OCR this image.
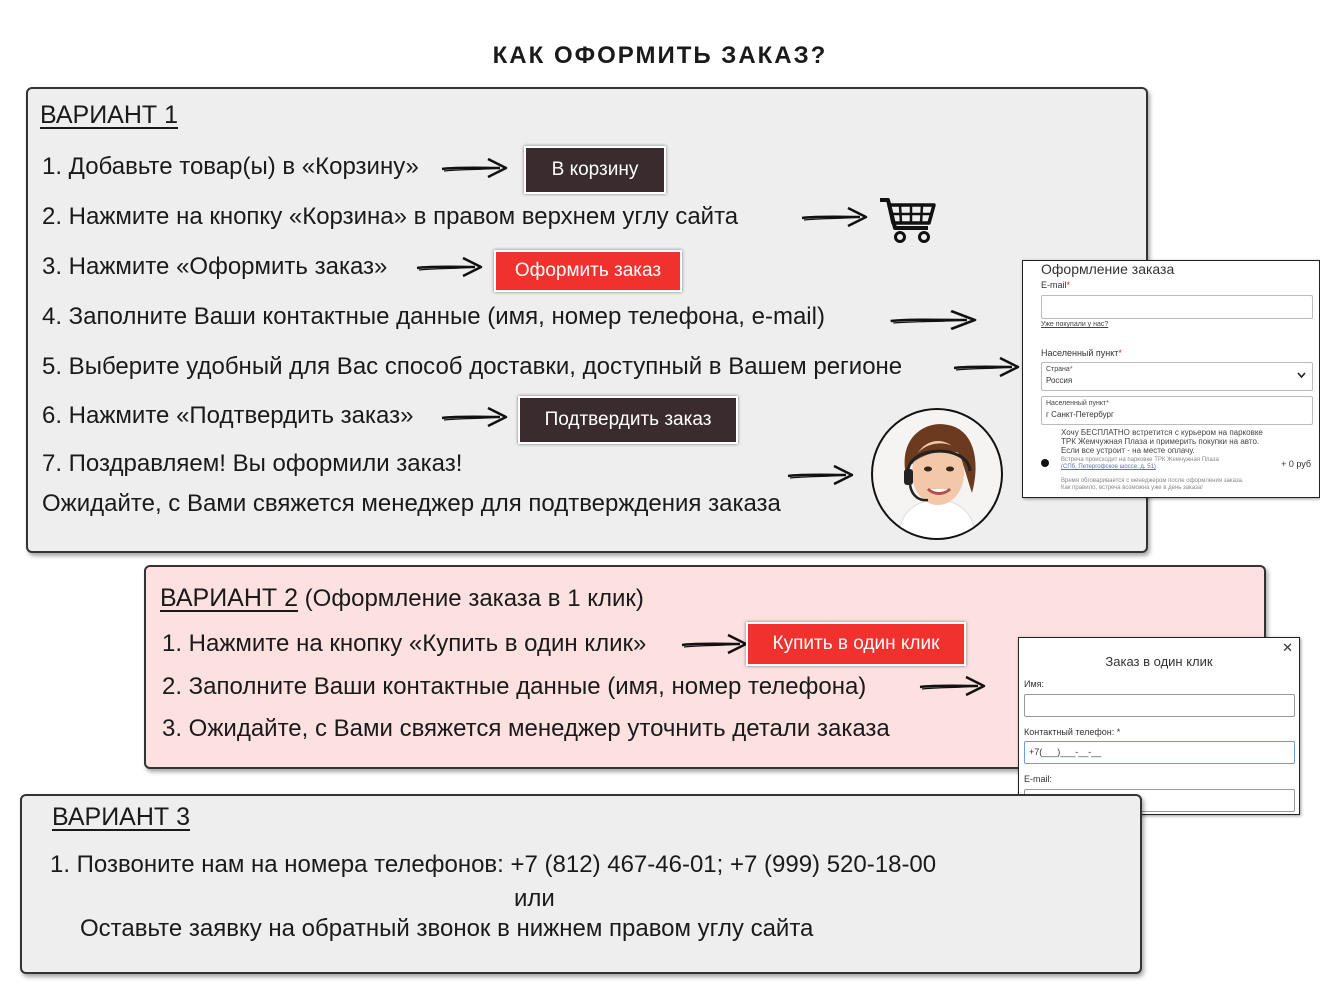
КАК ОФОРМИТЬ ЗАКАЗ?
ВАРИАНТ 1
1. Добавьте товар(ы) в «Корзину»	В корзину
2. Нажмите на кнопку «Корзина» в правом верхнем углу сайта
3. Нажмите «Оформить заказ»	Оформить заказ
4. Заполните Ваши контактные данные (имя, номер телефона, e-mail)
5. Выберите удобный для Вас способ доставки, доступный в Вашем регионе
6. Нажмите «Подтвердить заказ»	Подтвердить заказ
7. Поздравляем! Вы оформили заказ!
Ожидайте, с Вами свяжется менеджер для подтверждения заказа
Оформление заказа
E-mail*
Уже покупали у нас?
Населенный пункт*
Страна*
Россия
Населенный пункт*
г Санкт-Петербург
Хочу БЕСПЛАТНО встретится с курьером на парковке
ТРК Жемчужная Плаза и примерить покупки на авто.
Если все устроит - на месте оплачу.
Встреча происходит на парковке ТРК Жемчужная Плаза
(СПб, Петергофское шоссе, д. 51)	+ 0 руб
Время обговаривается с менеджером после оформления заказа.
Как правило, встреча возможна уже в день заказа!
ВАРИАНТ 2 (Оформление заказа в 1 клик)
1. Нажмите на кнопку «Купить в один клик»	Купить в один клик
2. Заполните Ваши контактные данные (имя, номер телефона)
3. Ожидайте, с Вами свяжется менеджер уточнить детали заказа
✕
Заказ в один клик
Имя:
Контактный телефон: *
+7(___)___-__-__
E-mail:
ВАРИАНТ 3
1. Позвоните нам на номера телефонов: +7 (812) 467-46-01; +7 (999) 520-18-00
или
Оставьте заявку на обратный звонок в нижнем правом углу сайта
